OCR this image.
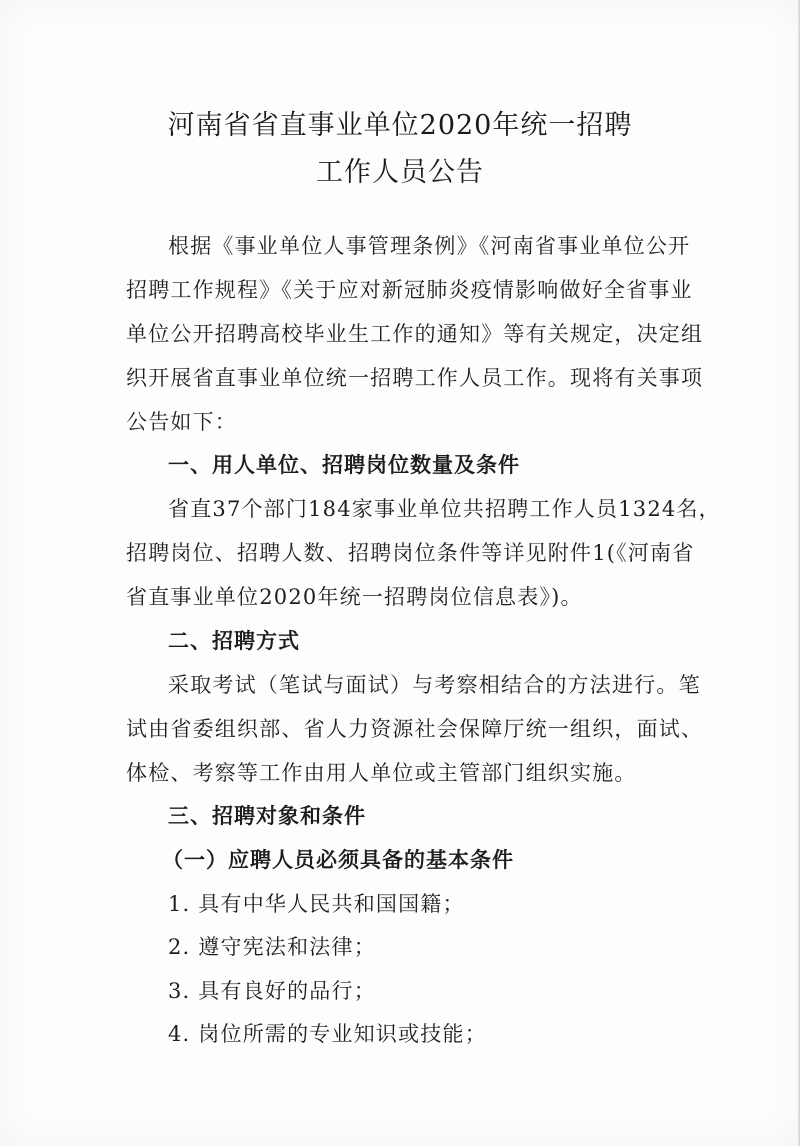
河南省省直事业单位2020年统一招聘
工作人员公告

根据《事业单位人事管理条例》《河南省事业单位公开

招聘工作规程》《关于应对新冠肺炎疫情影响做好全省事业

单位公开招聘高校毕业生工作的通知》等有关规定，决定组

织开展省直事业单位统一招聘工作人员工作。现将有关事项

公告如下：

一、用人单位、招聘岗位数量及条件

省直37个部门184家事业单位共招聘工作人员1324名，

招聘岗位、招聘人数、招聘岗位条件等详见附件1(《河南省

省直事业单位2020年统一招聘岗位信息表》)。

二、招聘方式

采取考试（笔试与面试）与考察相结合的方法进行。笔

试由省委组织部、省人力资源社会保障厅统一组织，面试、

体检、考察等工作由用人单位或主管部门组织实施。

三、招聘对象和条件

（一）应聘人员必须具备的基本条件

1. 具有中华人民共和国国籍；

2. 遵守宪法和法律；

3. 具有良好的品行；

4. 岗位所需的专业知识或技能；
